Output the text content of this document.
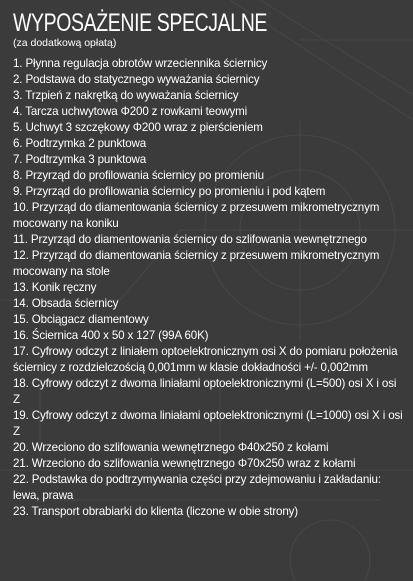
WYPOSAŻENIE SPECJALNE
(za dodatkową opłatą)
1. Płynna regulacja obrotów wrzeciennika ściernicy
2. Podstawa do statycznego wyważania ściernicy
3. Trzpień z nakrętką do wyważania ściernicy
4. Tarcza uchwytowa Φ200 z rowkami teowymi
5. Uchwyt 3 szczękowy Φ200 wraz z pierścieniem
6. Podtrzymka 2 punktowa
7. Podtrzymka 3 punktowa
8. Przyrząd do profilowania ściernicy po promieniu
9. Przyrząd do profilowania ściernicy po promieniu i pod kątem
10. Przyrząd do diamentowania ściernicy z przesuwem mikrometrycznym mocowany na koniku
11. Przyrząd do diamentowania ściernicy do szlifowania wewnętrznego
12. Przyrząd do diamentowania ściernicy z przesuwem mikrometrycznym mocowany na stole
13. Konik ręczny
14. Obsada ściernicy
15. Obciągacz diamentowy
16. Ściernica 400 x 50 x 127 (99A 60K)
17. Cyfrowy odczyt z liniałem optoelektronicznym osi X do pomiaru położenia ściernicy z rozdzielczością 0,001mm w klasie dokładności +/- 0,002mm
18. Cyfrowy odczyt z dwoma liniałami optoelektronicznymi (L=500) osi X i osi Z
19. Cyfrowy odczyt z dwoma liniałami optoelektronicznymi (L=1000) osi X i osi Z
20. Wrzeciono do szlifowania wewnętrznego Φ40x250 z kołami
21. Wrzeciono do szlifowania wewnętrznego Φ70x250 wraz z kołami
22. Podstawka do podtrzymywania części przy zdejmowaniu i zakładaniu: lewa, prawa
23. Transport obrabiarki do klienta (liczone w obie strony)
